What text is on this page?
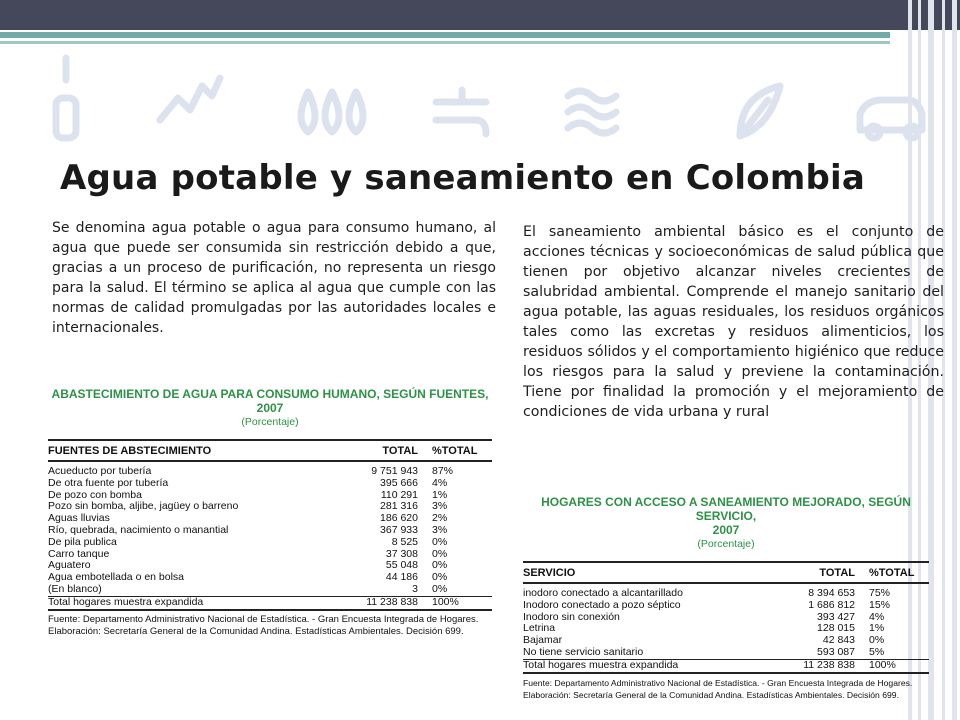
Agua potable y saneamiento en Colombia
Se denomina agua potable o agua para consumo humano, al agua que puede ser consumida sin restricción debido a que, gracias a un proceso de purificación, no representa un riesgo para la salud. El término se aplica al agua que cumple con las normas de calidad promulgadas por las autoridades locales e internacionales.
El saneamiento ambiental básico es el conjunto de acciones técnicas y socioeconómicas de salud pública que tienen por objetivo alcanzar niveles crecientes de salubridad ambiental. Comprende el manejo sanitario del agua potable, las aguas residuales, los residuos orgánicos tales como las excretas y residuos alimenticios, los residuos sólidos y el comportamiento higiénico que reduce los riesgos para la salud y previene la contaminación. Tiene por finalidad la promoción y el mejoramiento de condiciones de vida urbana y rural
ABASTECIMIENTO DE AGUA PARA CONSUMO HUMANO, SEGÚN FUENTES,
2007
(Porcentaje)
FUENTES DE ABSTECIMIENTO	TOTAL	%TOTAL
Acueducto por tubería	9 751 943	87%
De otra fuente por tubería	395 666	4%
De pozo con bomba	110 291	1%
Pozo sin bomba, aljibe, jagüey o barreno	281 316	3%
Aguas lluvias	186 620	2%
Río, quebrada, nacimiento o manantial	367 933	3%
De pila publica	8 525	0%
Carro tanque	37 308	0%
Aguatero	55 048	0%
Agua embotellada o en bolsa	44 186	0%
(En blanco)	3	0%
Total hogares muestra expandida	11 238 838	100%
Fuente: Departamento Administrativo Nacional de Estadística. - Gran Encuesta Integrada de Hogares.
Elaboración: Secretaría General de la Comunidad Andina. Estadísticas Ambientales. Decisión 699.
HOGARES CON ACCESO A SANEAMIENTO MEJORADO, SEGÚN SERVICIO,
2007
(Porcentaje)
SERVICIO	TOTAL	%TOTAL
inodoro conectado a alcantarillado	8 394 653	75%
Inodoro conectado a pozo séptico	1 686 812	15%
Inodoro sin conexión	393 427	4%
Letrina	128 015	1%
Bajamar	42 843	0%
No tiene servicio sanitario	593 087	5%
Total hogares muestra expandida	11 238 838	100%
Fuente: Departamento Administrativo Nacional de Estadística. - Gran Encuesta Integrada de Hogares.
Elaboración: Secretaría General de la Comunidad Andina. Estadísticas Ambientales. Decisión 699.
